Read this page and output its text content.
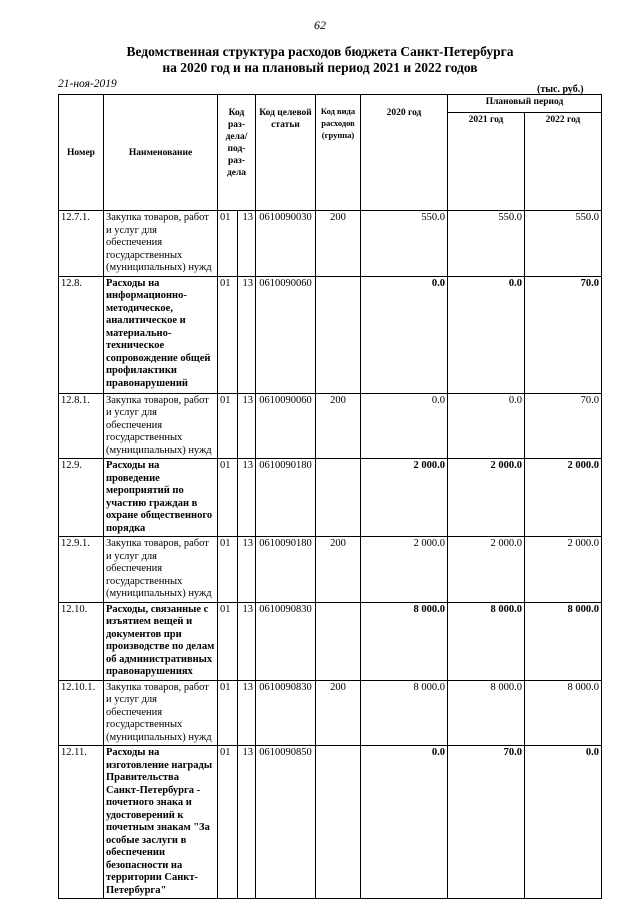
62
Ведомственная структура расходов бюджета Санкт-Петербурга
на 2020 год и на плановый период 2021 и 2022 годов
21-ноя-2019	(тыс. руб.)
Номер	Наименование	Код раз-дела/ под-раз-дела		Код целевой статьи	Код вида расходов (группа)	2020 год	Плановый период	
							2021 год	2022 год
12.7.1.	Закупка товаров, работ и услуг для обеспечения государственных (муниципальных) нужд	01	13	0610090030	200	550.0	550.0	550.0
12.8.	Расходы на информационно-методическое, аналитическое и материально-техническое сопровождение общей профилактики правонарушений	01	13	0610090060		0.0	0.0	70.0
12.8.1.	Закупка товаров, работ и услуг для обеспечения государственных (муниципальных) нужд	01	13	0610090060	200	0.0	0.0	70.0
12.9.	Расходы на проведение мероприятий по участию граждан в охране общественного порядка	01	13	0610090180		2 000.0	2 000.0	2 000.0
12.9.1.	Закупка товаров, работ и услуг для обеспечения государственных (муниципальных) нужд	01	13	0610090180	200	2 000.0	2 000.0	2 000.0
12.10.	Расходы, связанные с изъятием вещей и документов при производстве по делам об административных правонарушениях	01	13	0610090830		8 000.0	8 000.0	8 000.0
12.10.1.	Закупка товаров, работ и услуг для обеспечения государственных (муниципальных) нужд	01	13	0610090830	200	8 000.0	8 000.0	8 000.0
12.11.	Расходы на изготовление награды Правительства Санкт-Петербурга - почетного знака и удостоверений к почетным знакам "За особые заслуги в обеспечении безопасности на территории Санкт-Петербурга"	01	13	0610090850		0.0	70.0	0.0
